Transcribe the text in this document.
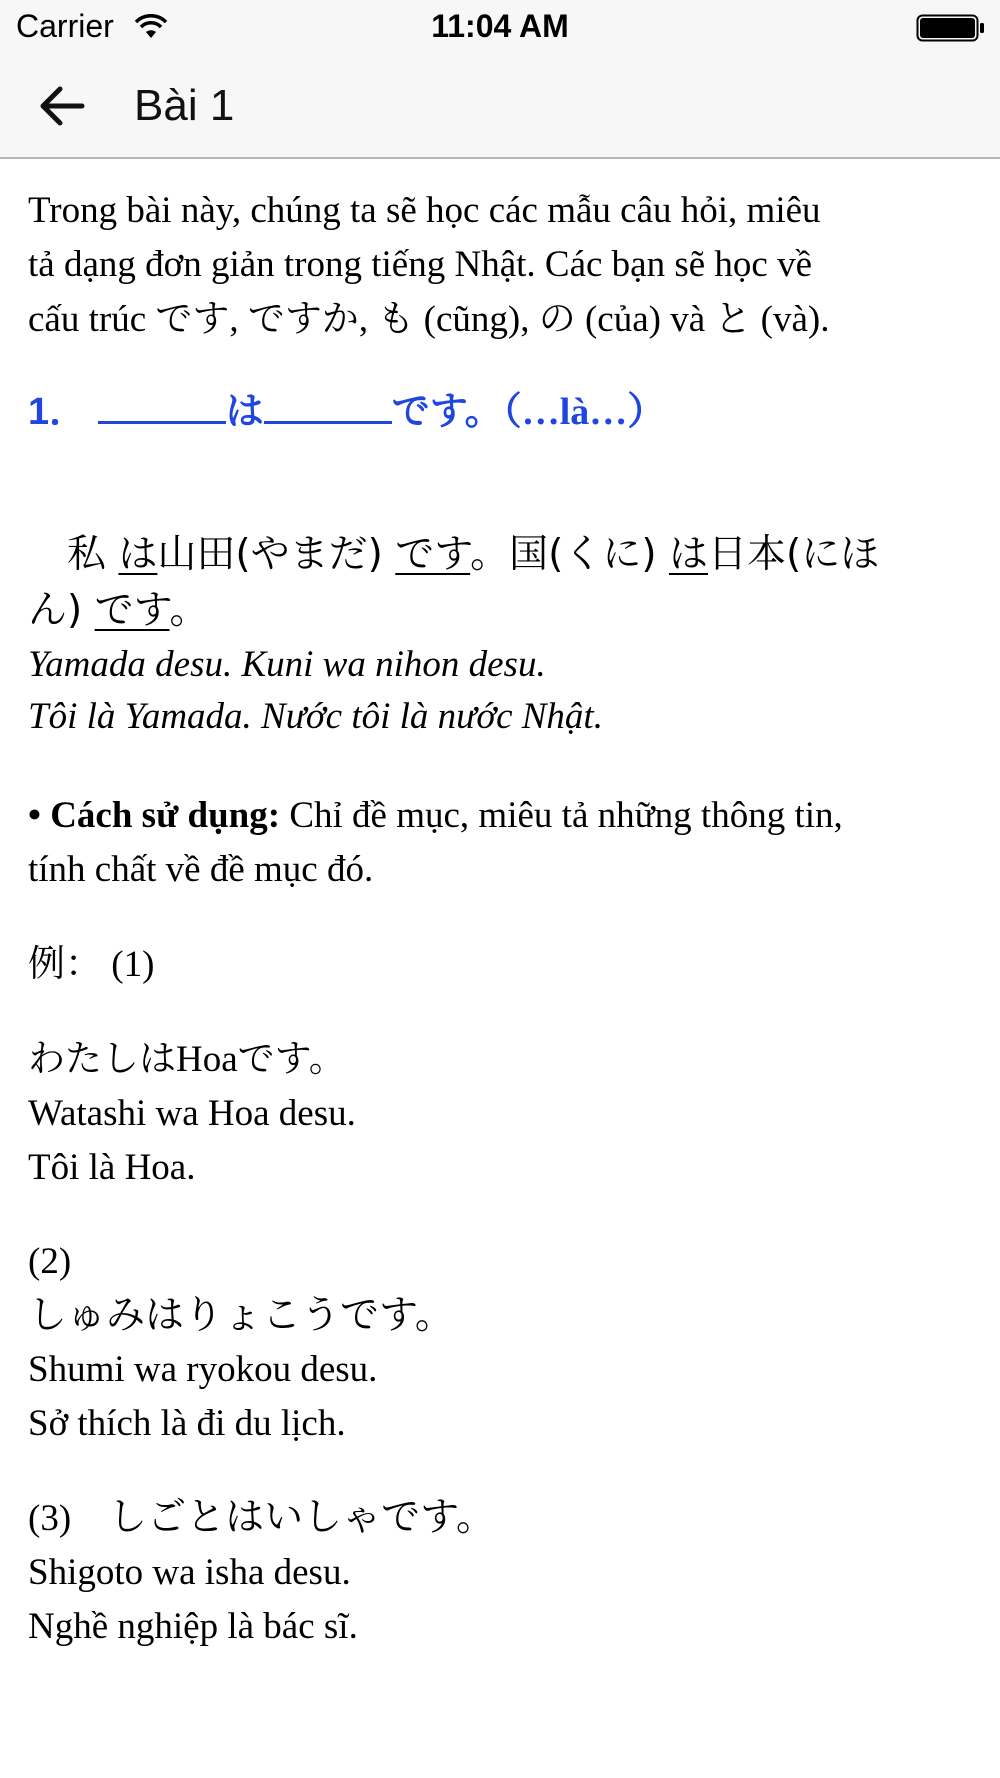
Carrier	11:04 AM
Bài 1

Trong bài này, chúng ta sẽ học các mẫu câu hỏi, miêu
tả dạng đơn giản trong tiếng Nhật. Các bạn sẽ học về
cấu trúc です, ですか, も (cũng), の (của) và と (và).

1．	は	です。（…là…）

　私 は山田(やまだ) です。国(くに) は日本(にほ
ん) です。

Yamada desu. Kuni wa nihon desu.

Tôi là Yamada. Nước tôi là nước Nhật.

• Cách sử dụng: Chỉ đề mục, miêu tả những thông tin,
tính chất về đề mục đó.

例： (1)

わたしはHoaです。

Watashi wa Hoa desu.

Tôi là Hoa.

(2)

しゅみはりょこうです。

Shumi wa ryokou desu.

Sở thích là đi du lịch.

(3)　しごとはいしゃです。

Shigoto wa isha desu.

Nghề nghiệp là bác sĩ.
